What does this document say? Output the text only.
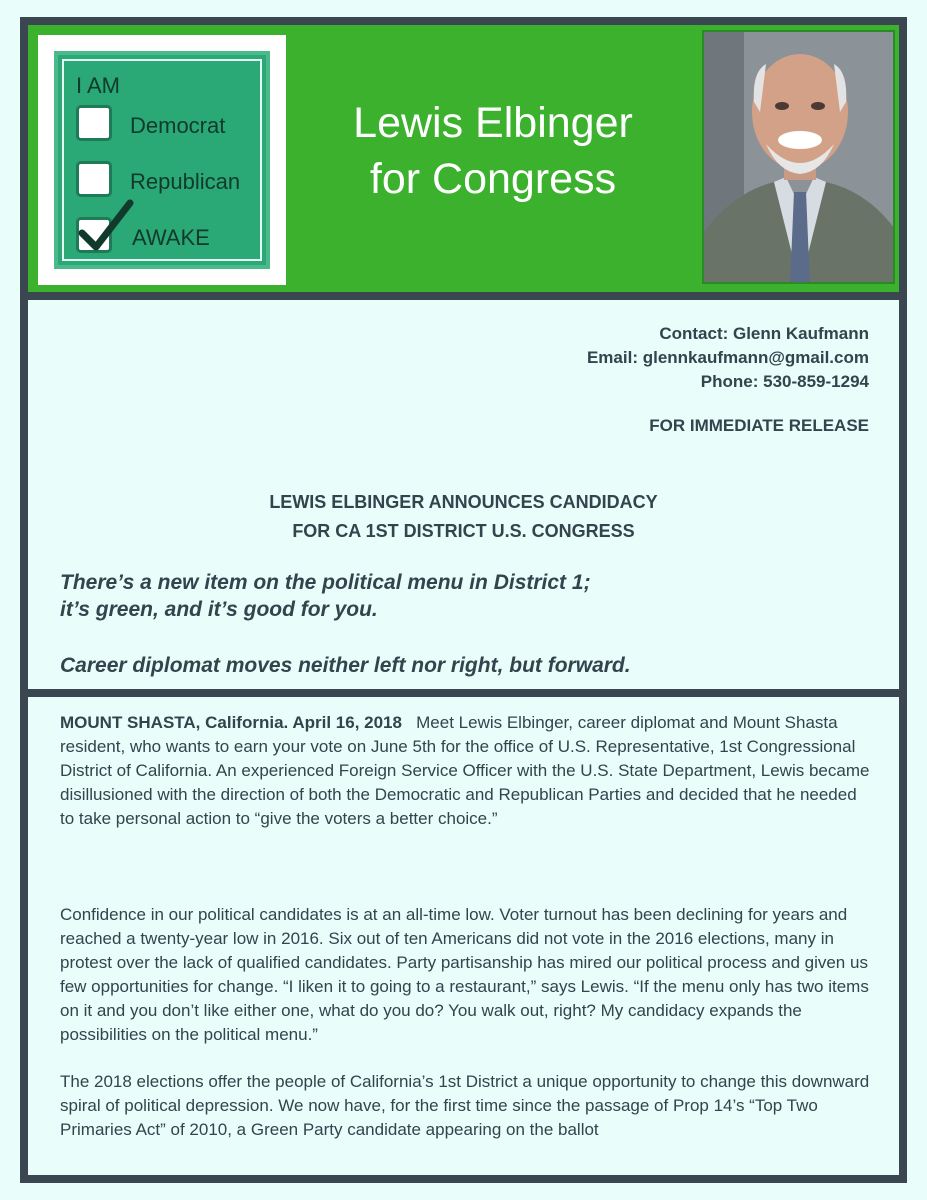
I AM
Democrat
Republican
AWAKE
Lewis Elbinger
for Congress
Contact: Glenn Kaufmann
Email: glennkaufmann@gmail.com
Phone: 530-859-1294
FOR IMMEDIATE RELEASE
LEWIS ELBINGER ANNOUNCES CANDIDACY
FOR CA 1ST DISTRICT U.S. CONGRESS
There’s a new item on the political menu in District 1;
it’s green, and it’s good for you.
Career diplomat moves neither left nor right, but forward.

MOUNT SHASTA, California. April 16, 2018 Meet Lewis Elbinger, career diplomat and Mount Shasta resident, who wants to earn your vote on June 5th for the office of U.S. Representative, 1st Congressional District of California. An experienced Foreign Service Officer with the U.S. State Department, Lewis became disillusioned with the direction of both the Democratic and Republican Parties and decided that he needed to take personal action to “give the voters a better choice.”

Confidence in our political candidates is at an all-time low. Voter turnout has been declining for years and reached a twenty-year low in 2016. Six out of ten Americans did not vote in the 2016 elections, many in protest over the lack of qualified candidates. Party partisanship has mired our political process and given us few opportunities for change. “I liken it to going to a restaurant,” says Lewis. “If the menu only has two items on it and you don’t like either one, what do you do? You walk out, right? My candidacy expands the possibilities on the political menu.”

The 2018 elections offer the people of California’s 1st District a unique opportunity to change this downward spiral of political depression. We now have, for the first time since the passage of Prop 14’s “Top Two Primaries Act” of 2010, a Green Party candidate appearing on the ballot
